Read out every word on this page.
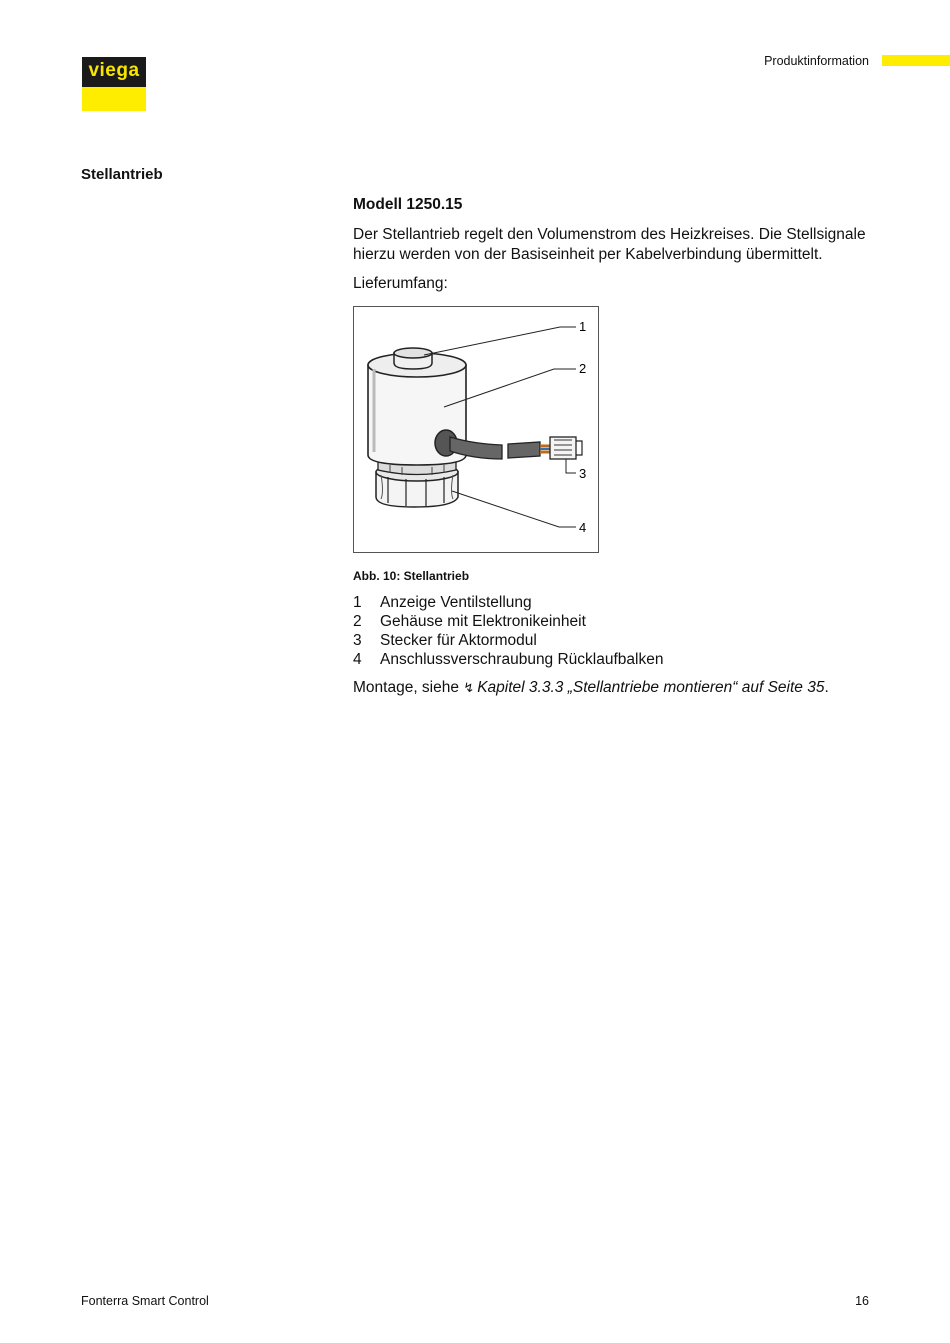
viega	Produktinformation
Stellantrieb
Modell 1250.15

Der Stellantrieb regelt den Volumenstrom des Heizkreises. Die Stellsignale hierzu werden von der Basiseinheit per Kabelverbindung übermittelt.

Lieferumfang:

1
2
3
4
Abb. 10: Stellantrieb
1	Anzeige Ventilstellung
2	Gehäuse mit Elektronikeinheit
3	Stecker für Aktormodul
4	Anschlussverschraubung Rücklaufbalken
Montage, siehe ↯ Kapitel 3.3.3 „Stellantriebe montieren“ auf Seite 35.
Fonterra Smart Control	16
